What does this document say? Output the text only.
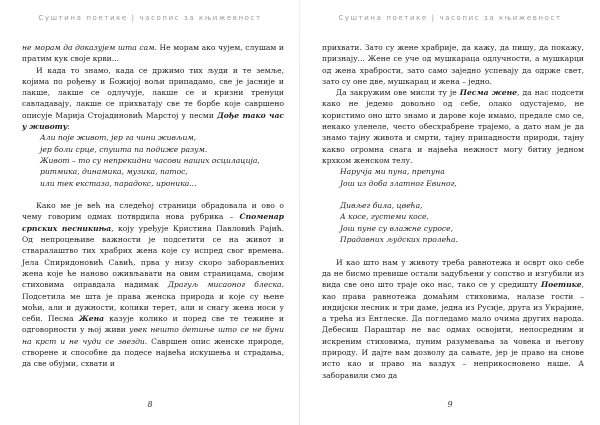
Суштина поетике | часопис за књижевност

не морам да доказујем шта сам. Не морам ако чујем, слушам и пратим кук своје крви...

И када то знамо, када се држимо тих људи и те земље, којима по рођењу и Божијој вољи припадамо, све је јасније и лакше, лакше се одлучује, лакше се и кризни тренуци савладавају, лакше се прихватају све те борбе које савршено описује Марија Стојадиновић Марстој у песми Дође тако час у животу:

Али поје живот, јер га чини живљим,
јер боли срце, спушта па подиже разум.
Живот – то су непрекидни часови наших осцилација,
ритмика, динамика, музика, патос,
или тек екстаза, парадокс, ироника...

Како ме је већ на следећој страници обрадовала и ово о чему говорим одмах потврдила нова рубрика – Споменар српских песникиња, коју уређује Кристина Павловић Рајић. Од непроцењиве важности је подсетити се на живот и стваралаштво тих храбрих жена које су испред свог времена. Јела Спиридоновић Савић, прва у низу скоро заборављених жена које ће наново оживљавати на овим страницама, својим стиховима оправдала надимак Драгуљ мисаоног блеска. Подсетила ме шта је права женска природа и које су њене моћи, али и дужности, колики терет, али и снагу жена носи у себи. Песма Жена казује колико и поред све те тежине и одговорности у њој живи увек нешто детиње што се не буни на крст и не чуди се звезди. Савршен опис женске природе, створене и способне да подесе највећа искушења и страдања, да све обујми, схвати и

8
Суштина поетике | часопис за књижевност

прихвати. Зато су жене храбрије, да кажу, да пишу, да покажу, признају... Жене се уче од мушкараца одлучности, а мушкарци од жена храбрости, зато само заједно успевају да одрже свет, зато су оне две, мушкарац и жена – једно.

Да закружим ове мисли ту је Песма жене, да нас подсети како не једемо довољно од себе, олако одустајемо, не користимо оно што знамо и дарове које имамо, предале смо се, некако уленеле, често обесхрабрене трајемо, а дато нам је да знамо тајну живота и смрти, тајну припадности природи, тајну какво огромна снага и највећа нежност могу битиу једном крхком женском телу.

Наручја ми пуна, препуна
Још из доба златног Евиног,
Дивљег била, цвећа,
А косе, густеми косе,
Још пуне су влажне суросе,
Прадавних људских пролећа.

И као што нам у животу треба равнотежа и осврт око себе да не бисмо превише остали задубљени у сопствo и изгубили из вида све оно што траје око нас, такo се у средишту Поетике, као права равнотежа домаћим стиховима, налазе гости – индијски песник и три даме, једна из Русије, друга из Украјине, а трећа из Енглеске. Да погледамо мало очима других народа. Дебесиш Параштар не вас одмах освојити, непосредним и искреним стиховима, пуним разумевања за човека и његову природу. И дајте вам дозволу да сањате, јер је право на снове исто као и право на ваздух – неприкосновено наше. А заборавили смо да

9
